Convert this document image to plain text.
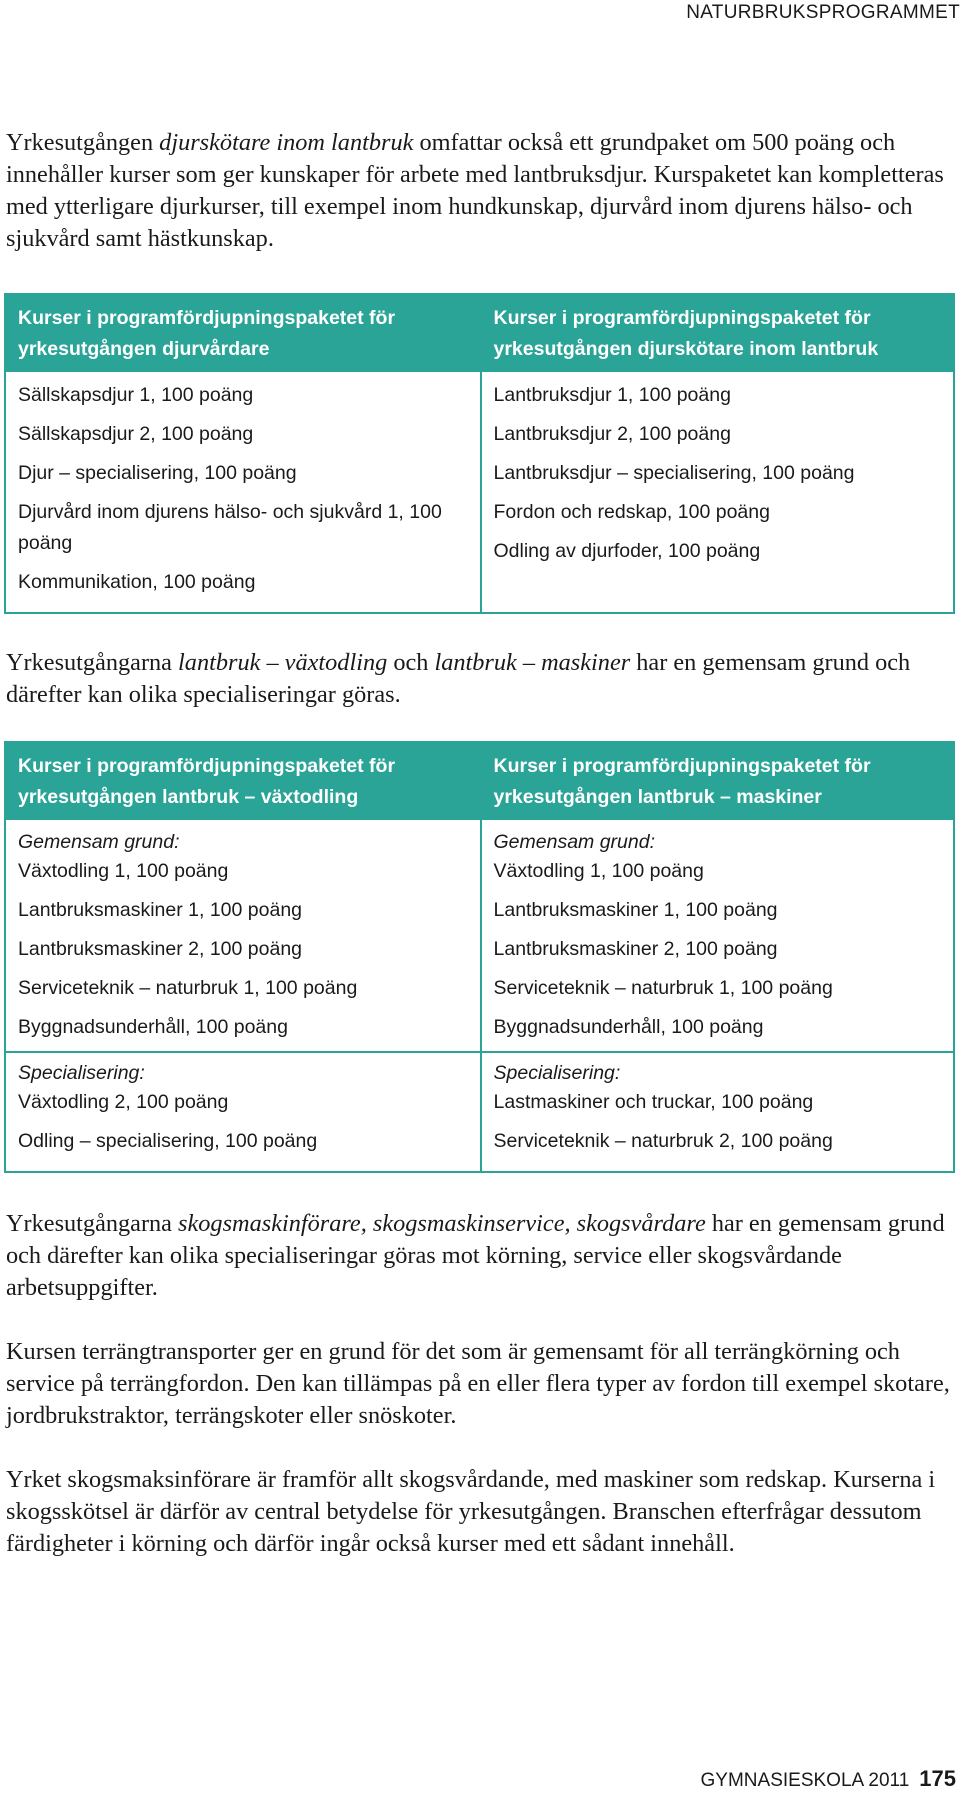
NATURBRUKSPROGRAMMET

Yrkesutgången djurskötare inom lantbruk omfattar också ett grundpaket om 500 poäng och innehåller kurser som ger kunskaper för arbete med lantbruksdjur. Kurspaketet kan kompletteras med ytterligare djurkurser, till exempel inom hundkunskap, djurvård inom djurens hälso- och sjukvård samt hästkunskap.

Kurser i programfördjupningspaketet för yrkesutgången djurvårdare
Sällskapsdjur 1, 100 poäng
Sällskapsdjur 2, 100 poäng
Djur – specialisering, 100 poäng
Djurvård inom djurens hälso- och sjukvård 1, 100 poäng
Kommunikation, 100 poäng
Kurser i programfördjupningspaketet för yrkesutgången djurskötare inom lantbruk
Lantbruksdjur 1, 100 poäng
Lantbruksdjur 2, 100 poäng
Lantbruksdjur – specialisering, 100 poäng
Fordon och redskap, 100 poäng
Odling av djurfoder, 100 poäng

Yrkesutgångarna lantbruk – växtodling och lantbruk – maskiner har en gemensam grund och därefter kan olika specialiseringar göras.

Kurser i programfördjupningspaketet för yrkesutgången lantbruk – växtodling
Gemensam grund:
Växtodling 1, 100 poäng
Lantbruksmaskiner 1, 100 poäng
Lantbruksmaskiner 2, 100 poäng
Serviceteknik – naturbruk 1, 100 poäng
Byggnadsunderhåll, 100 poäng
Specialisering:
Växtodling 2, 100 poäng
Odling – specialisering, 100 poäng
Kurser i programfördjupningspaketet för yrkesutgången lantbruk – maskiner
Gemensam grund:
Växtodling 1, 100 poäng
Lantbruksmaskiner 1, 100 poäng
Lantbruksmaskiner 2, 100 poäng
Serviceteknik – naturbruk 1, 100 poäng
Byggnadsunderhåll, 100 poäng
Specialisering:
Lastmaskiner och truckar, 100 poäng
Serviceteknik – naturbruk 2, 100 poäng

Yrkesutgångarna skogsmaskinförare, skogsmaskinservice, skogsvårdare har en gemensam grund och därefter kan olika specialiseringar göras mot körning, service eller skogsvårdande arbetsuppgifter.

Kursen terrängtransporter ger en grund för det som är gemensamt för all terrängkörning och service på terrängfordon. Den kan tillämpas på en eller flera typer av fordon till exempel skotare, jordbrukstraktor, terrängskoter eller snöskoter.

Yrket skogsmaksinförare är framför allt skogsvårdande, med maskiner som redskap. Kurserna i skogsskötsel är därför av central betydelse för yrkesutgången. Branschen efterfrågar dessutom färdigheter i körning och därför ingår också kurser med ett sådant innehåll.

GYMNASIESKOLA 2011 175
